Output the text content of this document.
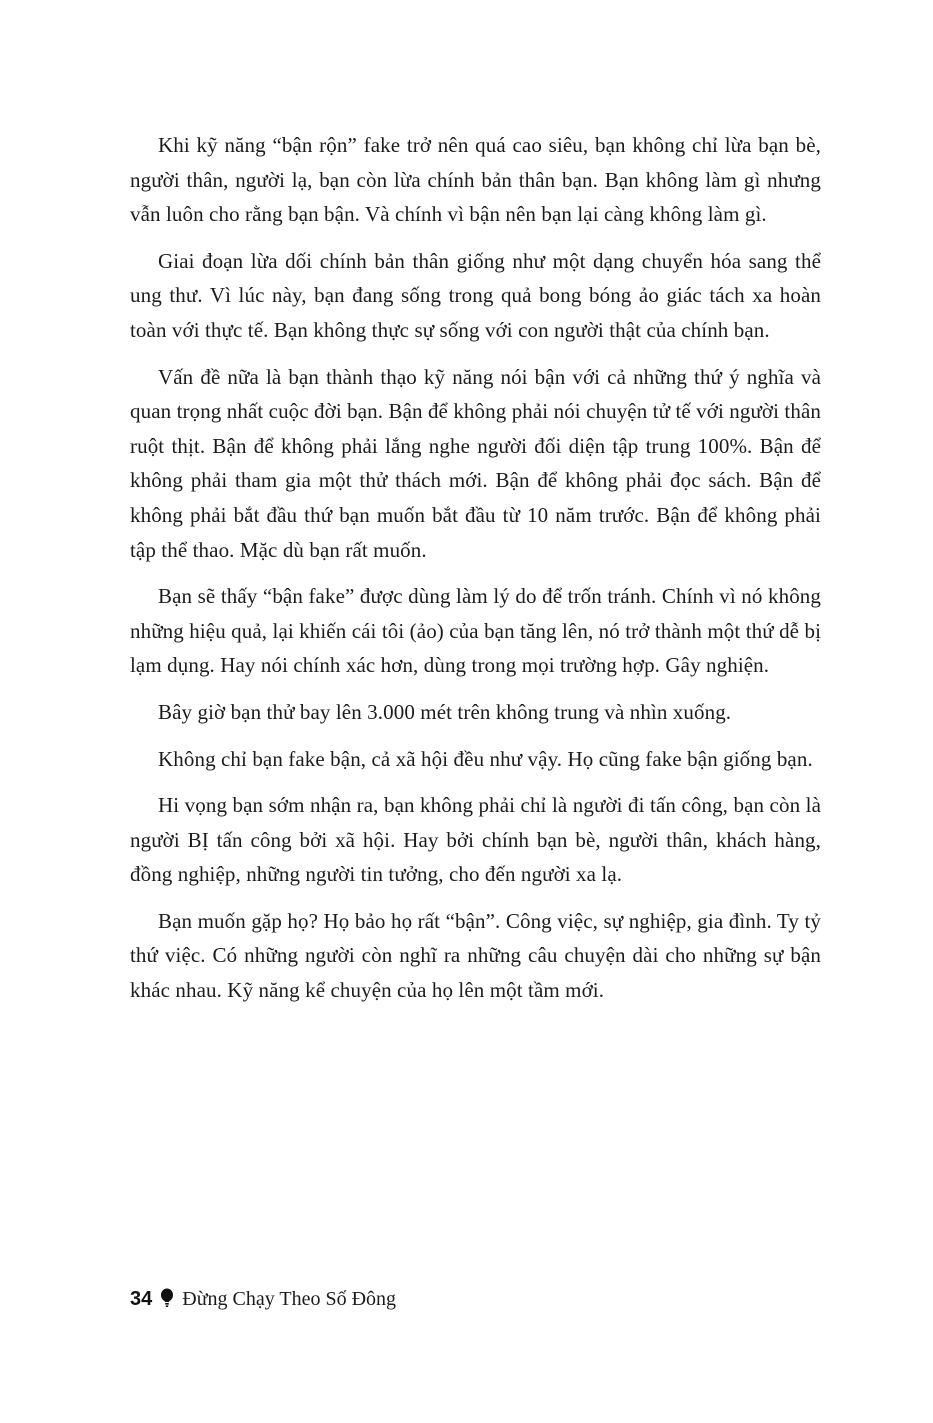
Khi kỹ năng “bận rộn” fake trở nên quá cao siêu, bạn không chỉ lừa bạn bè, người thân, người lạ, bạn còn lừa chính bản thân bạn. Bạn không làm gì nhưng vẫn luôn cho rằng bạn bận. Và chính vì bận nên bạn lại càng không làm gì.

Giai đoạn lừa dối chính bản thân giống như một dạng chuyển hóa sang thể ung thư. Vì lúc này, bạn đang sống trong quả bong bóng ảo giác tách xa hoàn toàn với thực tế. Bạn không thực sự sống với con người thật của chính bạn.

Vấn đề nữa là bạn thành thạo kỹ năng nói bận với cả những thứ ý nghĩa và quan trọng nhất cuộc đời bạn. Bận để không phải nói chuyện tử tế với người thân ruột thịt. Bận để không phải lắng nghe người đối diện tập trung 100%. Bận để không phải tham gia một thử thách mới. Bận để không phải đọc sách. Bận để không phải bắt đầu thứ bạn muốn bắt đầu từ 10 năm trước. Bận để không phải tập thể thao. Mặc dù bạn rất muốn.

Bạn sẽ thấy “bận fake” được dùng làm lý do để trốn tránh. Chính vì nó không những hiệu quả, lại khiến cái tôi (ảo) của bạn tăng lên, nó trở thành một thứ dễ bị lạm dụng. Hay nói chính xác hơn, dùng trong mọi trường hợp. Gây nghiện.

Bây giờ bạn thử bay lên 3.000 mét trên không trung và nhìn xuống.

Không chỉ bạn fake bận, cả xã hội đều như vậy. Họ cũng fake bận giống bạn.

Hi vọng bạn sớm nhận ra, bạn không phải chỉ là người đi tấn công, bạn còn là người BỊ tấn công bởi xã hội. Hay bởi chính bạn bè, người thân, khách hàng, đồng nghiệp, những người tin tưởng, cho đến người xa lạ.

Bạn muốn gặp họ? Họ bảo họ rất “bận”. Công việc, sự nghiệp, gia đình. Ty tỷ thứ việc. Có những người còn nghĩ ra những câu chuyện dài cho những sự bận khác nhau. Kỹ năng kể chuyện của họ lên một tầm mới.

34 Đừng Chạy Theo Số Đông
